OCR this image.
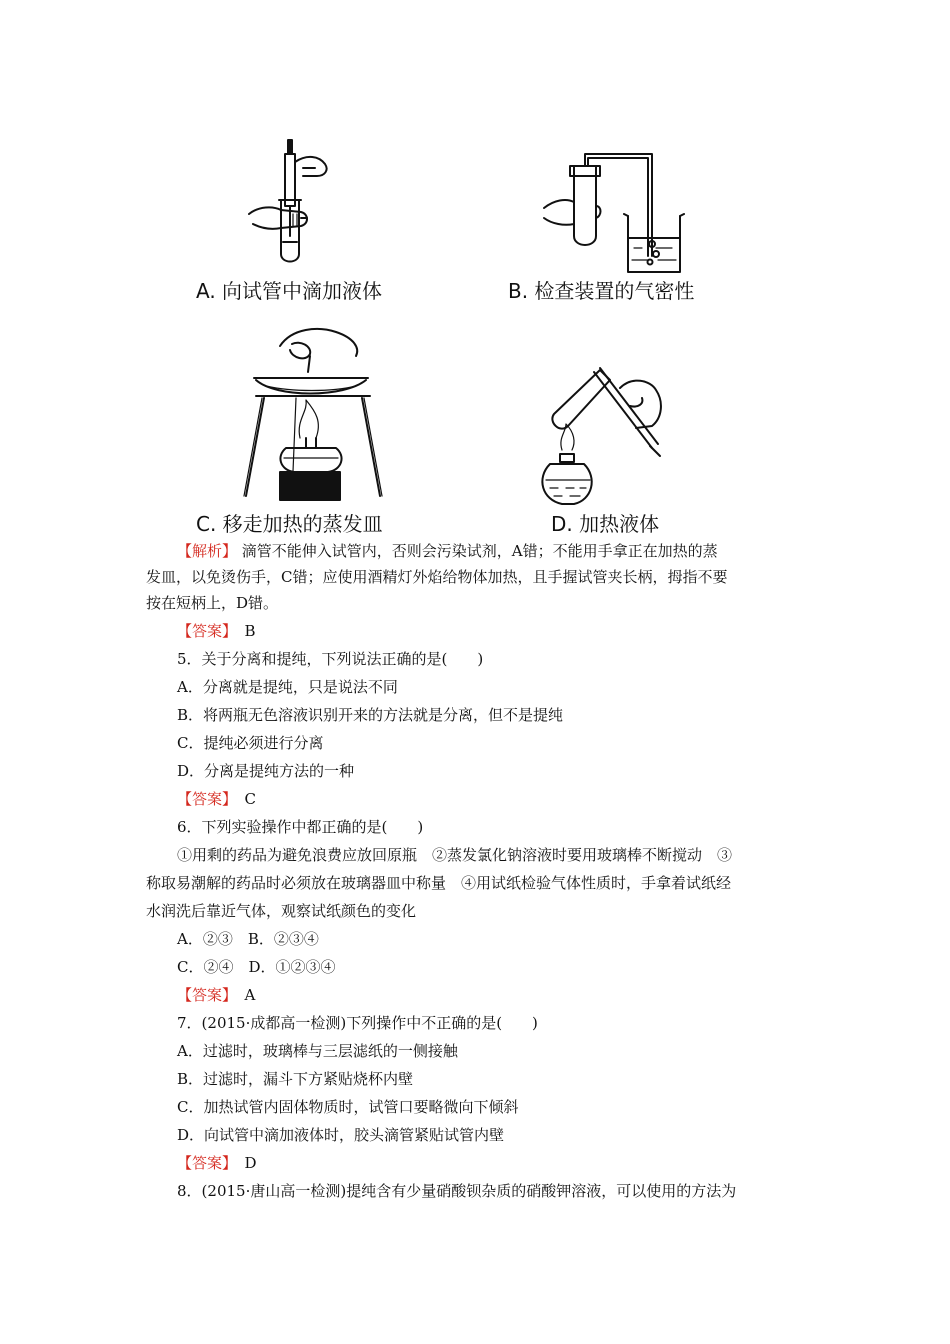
A. 向试管中滴加液体	B. 检查装置的气密性
C. 移走加热的蒸发皿	D. 加热液体
【解析】 滴管不能伸入试管内，否则会污染试剂，A错；不能用手拿正在加热的蒸
发皿，以免烫伤手，C错；应使用酒精灯外焰给物体加热，且手握试管夹长柄，拇指不要
按在短柄上，D错。
【答案】　 B
5．关于分离和提纯，下列说法正确的是(　　)
A．分离就是提纯，只是说法不同
B．将两瓶无色溶液识别开来的方法就是分离，但不是提纯
C．提纯必须进行分离
D．分离是提纯方法的一种
【答案】　 C
6．下列实验操作中都正确的是(　　)
①用剩的药品为避免浪费应放回原瓶　②蒸发氯化钠溶液时要用玻璃棒不断搅动　③
称取易潮解的药品时必须放在玻璃器皿中称量　④用试纸检验气体性质时，手拿着试纸经
水润洗后靠近气体，观察试纸颜色的变化
A．②③　B．②③④
C．②④　D．①②③④
【答案】　 A
7．(2015·成都高一检测)下列操作中不正确的是(　　)
A．过滤时，玻璃棒与三层滤纸的一侧接触
B．过滤时，漏斗下方紧贴烧杯内壁
C．加热试管内固体物质时，试管口要略微向下倾斜
D．向试管中滴加液体时，胶头滴管紧贴试管内壁
【答案】　 D
8．(2015·唐山高一检测)提纯含有少量硝酸钡杂质的硝酸钾溶液，可以使用的方法为
